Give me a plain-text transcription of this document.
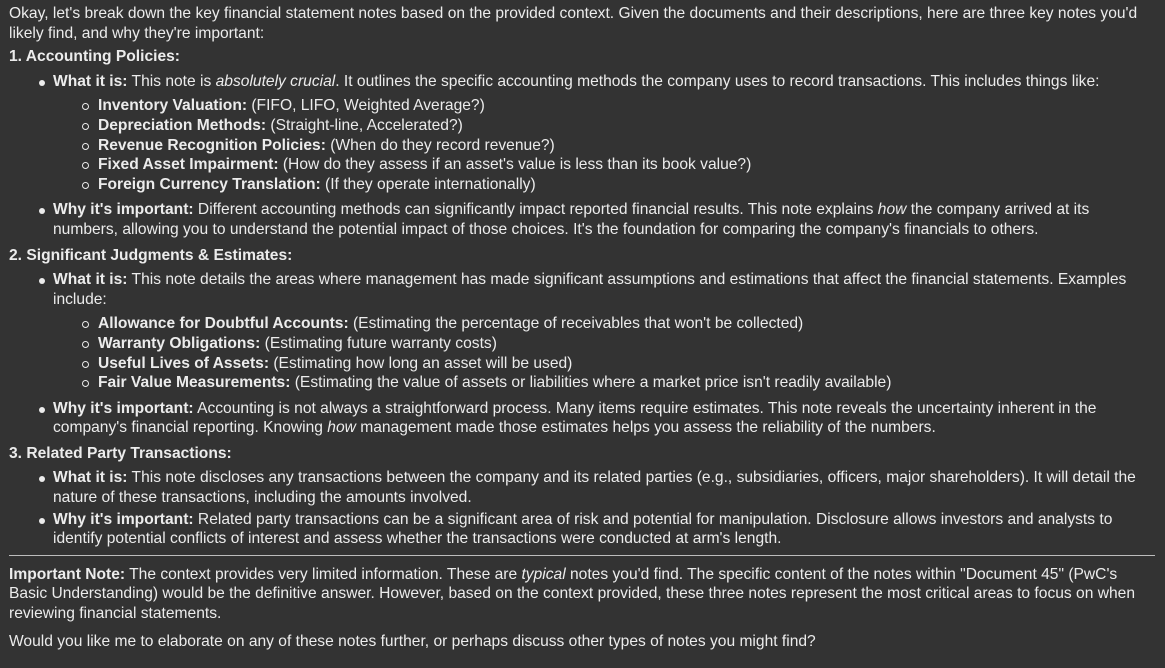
Okay, let's break down the key financial statement notes based on the provided context. Given the documents and their descriptions, here are three key notes you'd likely find, and why they're important:

1. Accounting Policies:

What it is: This note is absolutely crucial. It outlines the specific accounting methods the company uses to record transactions. This includes things like:
Inventory Valuation: (FIFO, LIFO, Weighted Average?)
Depreciation Methods: (Straight-line, Accelerated?)
Revenue Recognition Policies: (When do they record revenue?)
Fixed Asset Impairment: (How do they assess if an asset's value is less than its book value?)
Foreign Currency Translation: (If they operate internationally)
Why it's important: Different accounting methods can significantly impact reported financial results. This note explains how the company arrived at its numbers, allowing you to understand the potential impact of those choices. It's the foundation for comparing the company's financials to others.

2. Significant Judgments & Estimates:

What it is: This note details the areas where management has made significant assumptions and estimations that affect the financial statements. Examples include:
Allowance for Doubtful Accounts: (Estimating the percentage of receivables that won't be collected)
Warranty Obligations: (Estimating future warranty costs)
Useful Lives of Assets: (Estimating how long an asset will be used)
Fair Value Measurements: (Estimating the value of assets or liabilities where a market price isn't readily available)
Why it's important: Accounting is not always a straightforward process. Many items require estimates. This note reveals the uncertainty inherent in the company's financial reporting. Knowing how management made those estimates helps you assess the reliability of the numbers.

3. Related Party Transactions:

What it is: This note discloses any transactions between the company and its related parties (e.g., subsidiaries, officers, major shareholders). It will detail the nature of these transactions, including the amounts involved.
Why it's important: Related party transactions can be a significant area of risk and potential for manipulation. Disclosure allows investors and analysts to identify potential conflicts of interest and assess whether the transactions were conducted at arm's length.

Important Note: The context provides very limited information. These are typical notes you'd find. The specific content of the notes within "Document 45" (PwC's Basic Understanding) would be the definitive answer. However, based on the context provided, these three notes represent the most critical areas to focus on when reviewing financial statements.

Would you like me to elaborate on any of these notes further, or perhaps discuss other types of notes you might find?
